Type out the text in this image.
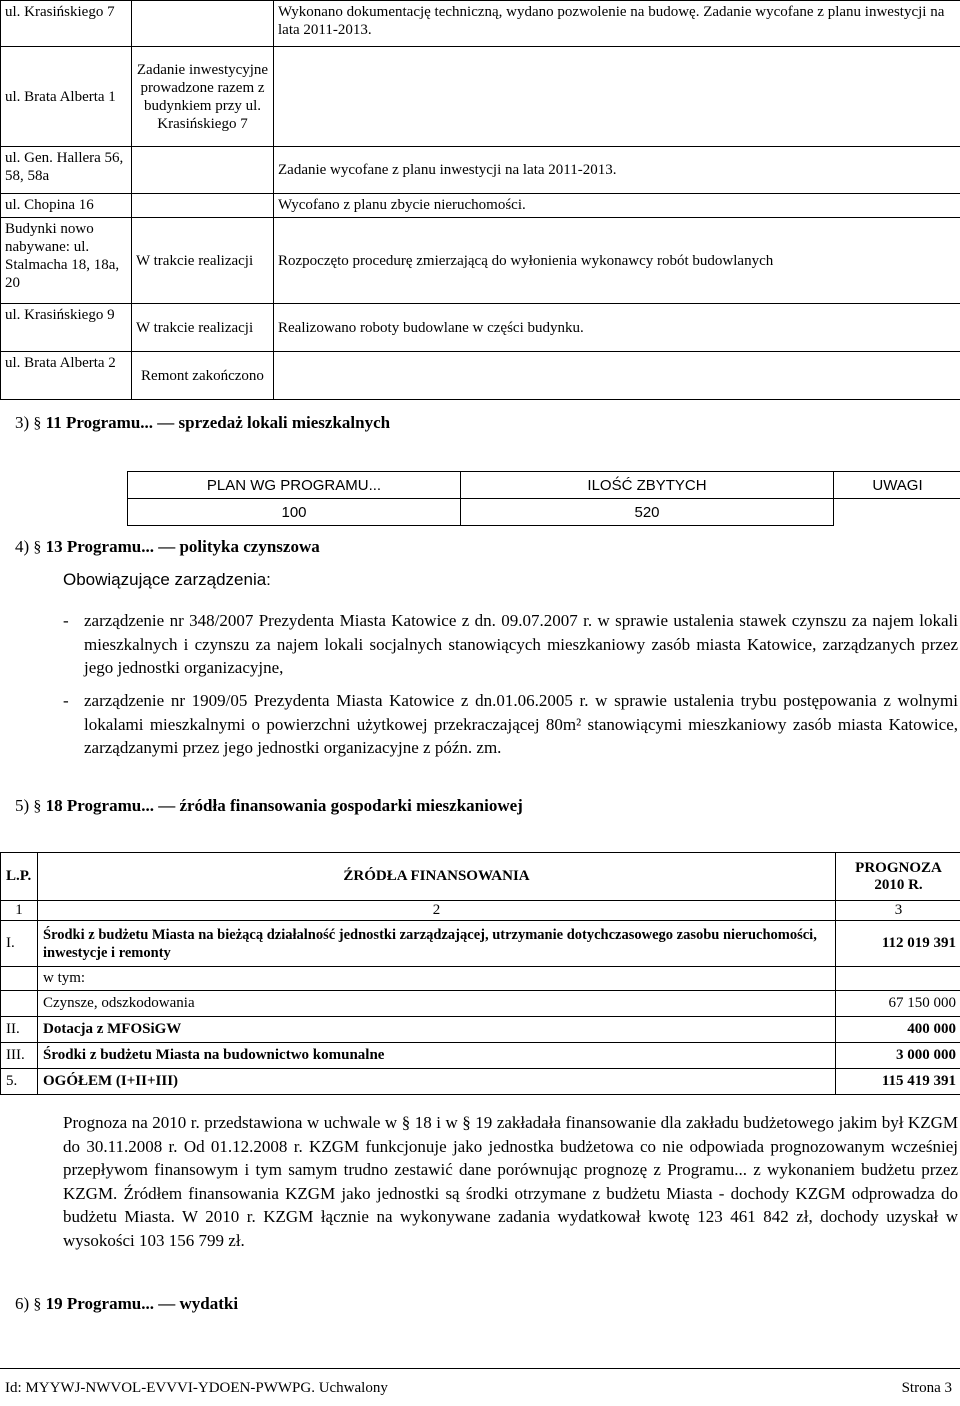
ul. Krasińskiego 7		Wykonano dokumentację techniczną, wydano pozwolenie na budowę. Zadanie wycofane z planu inwestycji na lata 2011-2013.
ul. Brata Alberta 1	Zadanie inwestycyjne prowadzone razem z budynkiem przy ul. Krasińskiego 7	
ul. Gen. Hallera 56, 58, 58a		Zadanie wycofane z planu inwestycji na lata 2011-2013.
ul. Chopina 16		Wycofano z planu zbycie nieruchomości.
Budynki nowo nabywane: ul. Stalmacha 18, 18a, 20	W trakcie realizacji	Rozpoczęto procedurę zmierzającą do wyłonienia wykonawcy robót budowlanych
ul. Krasińskiego 9	W trakcie realizacji	Realizowano roboty budowlane w części budynku.
ul. Brata Alberta 2	Remont zakończono	
3) § 11 Programu... — sprzedaż lokali mieszkalnych
PLAN WG PROGRAMU...	ILOŚĆ ZBYTYCH	UWAGI
100	520	
4) § 13 Programu... — polityka czynszowa
Obowiązujące zarządzenia:
- zarządzenie nr 348/2007 Prezydenta Miasta Katowice z dn. 09.07.2007 r. w sprawie ustalenia stawek czynszu za najem lokali mieszkalnych i czynszu za najem lokali socjalnych stanowiących mieszkaniowy zasób miasta Katowice, zarządzanych przez jego jednostki organizacyjne,
- zarządzenie nr 1909/05 Prezydenta Miasta Katowice z dn.01.06.2005 r. w sprawie ustalenia trybu postępowania z wolnymi lokalami mieszkalnymi o powierzchni użytkowej przekraczającej 80m² stanowiącymi mieszkaniowy zasób miasta Katowice, zarządzanymi przez jego jednostki organizacyjne z późn. zm.
5) § 18 Programu... — źródła finansowania gospodarki mieszkaniowej
L.P.	ŹRÓDŁA FINANSOWANIA	PROGNOZA
2010 R.

1	2	3
I.	Środki z budżetu Miasta na bieżącą działalność jednostki zarządzającej, utrzymanie dotychczasowego zasobu nieruchomości, inwestycje i remonty	112 019 391
	w tym:	
	Czynsze, odszkodowania	67 150 000
II.	Dotacja z MFOSiGW	400 000
III.	Środki z budżetu Miasta na budownictwo komunalne	3 000 000
5.	OGÓŁEM (I+II+III)	115 419 391
Prognoza na 2010 r. przedstawiona w uchwale w § 18 i w § 19 zakładała finansowanie dla zakładu budżetowego jakim był KZGM do 30.11.2008 r. Od 01.12.2008 r. KZGM funkcjonuje jako jednostka budżetowa co nie odpowiada prognozowanym wcześniej przepływom finansowym i tym samym trudno zestawić dane porównując prognozę z Programu... z wykonaniem budżetu przez KZGM. Źródłem finansowania KZGM jako jednostki są środki otrzymane z budżetu Miasta - dochody KZGM odprowadza do budżetu Miasta. W 2010 r. KZGM łącznie na wykonywane zadania wydatkował kwotę 123 461 842 zł, dochody uzyskał w wysokości 103 156 799 zł.
6) § 19 Programu... — wydatki
Id: MYYWJ-NWVOL-EVVVI-YDOEN-PWWPG. Uchwalony	Strona 3
